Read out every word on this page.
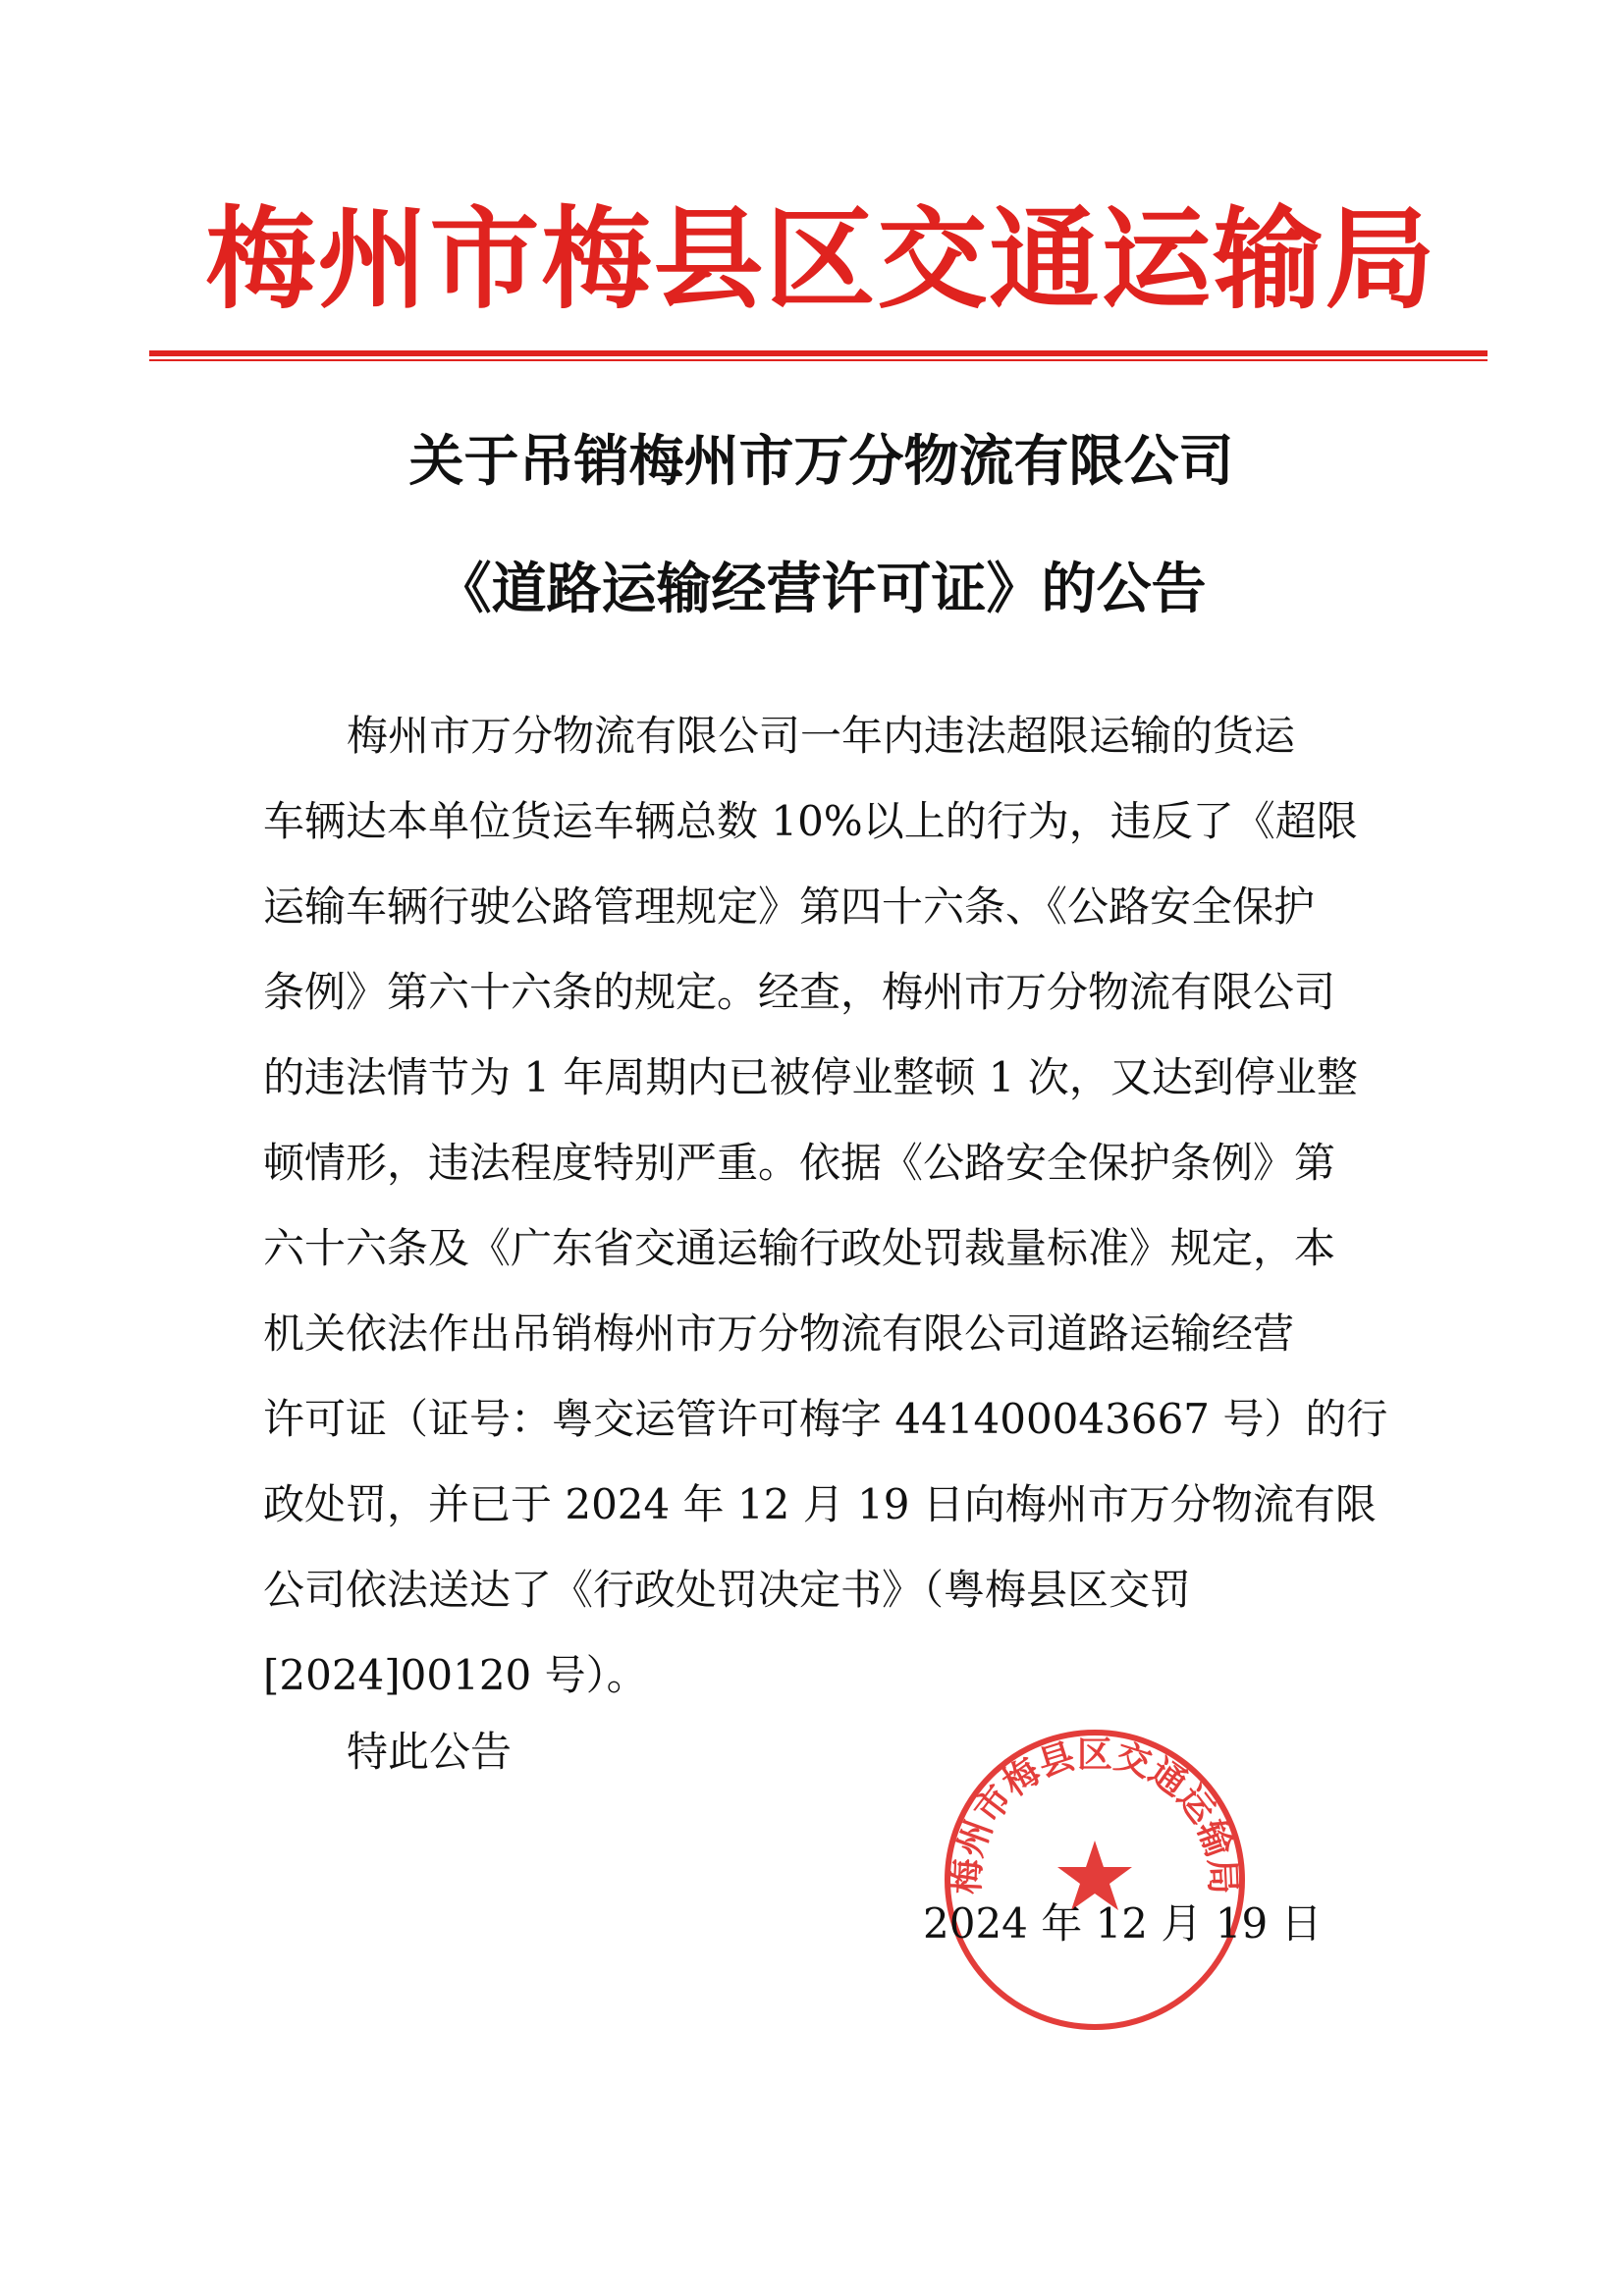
梅州市梅县区交通运输局
关于吊销梅州市万分物流有限公司
《道路运输经营许可证》的公告
梅州市万分物流有限公司一年内违法超限运输的货运
车辆达本单位货运车辆总数 10%以上的行为，违反了《超限
运输车辆行驶公路管理规定》第四十六条、《公路安全保护
条例》第六十六条的规定。经查，梅州市万分物流有限公司
的违法情节为 1 年周期内已被停业整顿 1 次，又达到停业整
顿情形，违法程度特别严重。依据《公路安全保护条例》第
六十六条及《广东省交通运输行政处罚裁量标准》规定，本
机关依法作出吊销梅州市万分物流有限公司道路运输经营
许可证（证号：粤交运管许可梅字 441400043667 号）的行
政处罚，并已于 2024 年 12 月 19 日向梅州市万分物流有限
公司依法送达了《行政处罚决定书》（粤梅县区交罚
[2024]00120 号）。
特此公告
梅州市梅县区交通运输局
2024 年 12 月 19 日
